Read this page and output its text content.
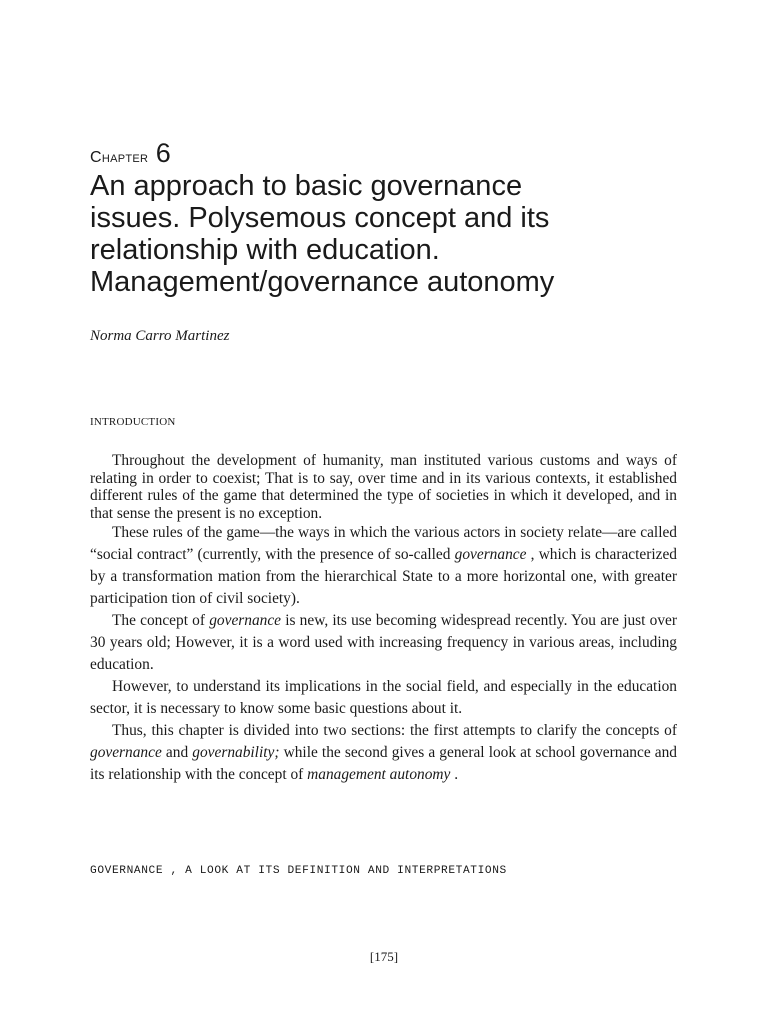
Chapter 6
An approach to basic governance
issues. Polysemous concept and its
relationship with education.
Management/governance autonomy
Norma Carro Martinez
INTRODUCTION

Throughout the development of humanity, man instituted various customs and ways of relating in order to coexist; That is to say, over time and in its various contexts, it established different rules of the game that determined the type of societies in which it developed, and in that sense the present is no exception.

These rules of the game—the ways in which the various actors in society relate—are called “social contract” (currently, with the presence of so-called governance , which is characterized by a transformation mation from the hierarchical State to a more horizontal one, with greater participation tion of civil society).

The concept of governance is new, its use becoming widespread recently. You are just over 30 years old; However, it is a word used with increasing frequency in various areas, including education.

However, to understand its implications in the social field, and especially in the education sector, it is necessary to know some basic questions about it.

Thus, this chapter is divided into two sections: the first attempts to clarify the concepts of governance and governability; while the second gives a general look at school governance and its relationship with the concept of management autonomy .

GOVERNANCE , A LOOK AT ITS DEFINITION AND INTERPRETATIONS
[175]
